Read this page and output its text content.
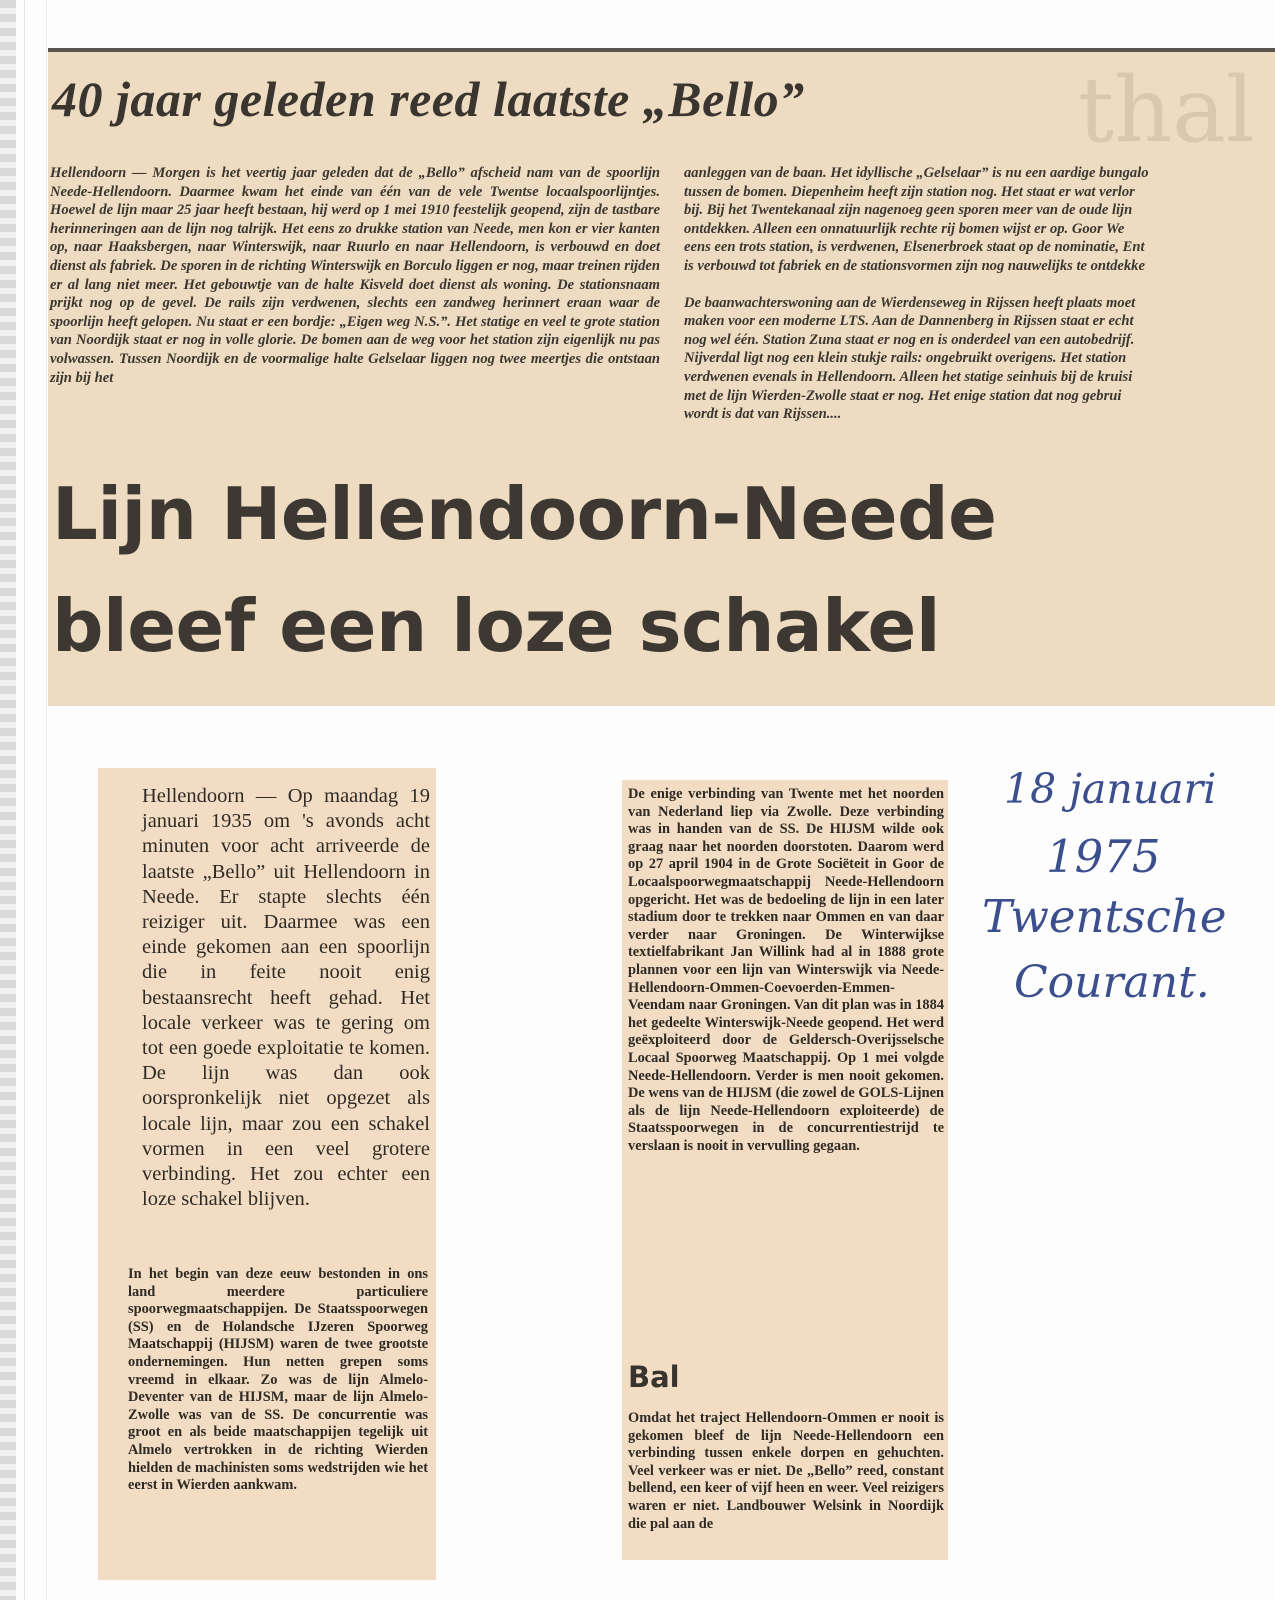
thal
40 jaar geleden reed laatste „Bello”

Hellendoorn — Morgen is het veertig jaar geleden dat de „Bello” afscheid nam van de spoorlijn Neede-Hellendoorn. Daarmee kwam het einde van één van de vele Twentse locaalspoorlijntjes. Hoewel de lijn maar 25 jaar heeft bestaan, hij werd op 1 mei 1910 feestelijk geopend, zijn de tastbare herinneringen aan de lijn nog talrijk. Het eens zo drukke station van Neede, men kon er vier kanten op, naar Haaksbergen, naar Winterswijk, naar Ruurlo en naar Hellendoorn, is verbouwd en doet dienst als fabriek. De sporen in de richting Winterswijk en Borculo liggen er nog, maar treinen rijden er al lang niet meer. Het gebouwtje van de halte Kisveld doet dienst als woning. De stationsnaam prijkt nog op de gevel. De rails zijn verdwenen, slechts een zandweg herinnert eraan waar de spoorlijn heeft gelopen. Nu staat er een bordje: „Eigen weg N.S.”. Het statige en veel te grote station van Noordijk staat er nog in volle glorie. De bomen aan de weg voor het station zijn eigenlijk nu pas volwassen. Tussen Noordijk en de voormalige halte Gelselaar liggen nog twee meertjes die ontstaan zijn bij het

aanleggen van de baan. Het idyllische „Gelselaar” is nu een aardige bungalo
tussen de bomen. Diepenheim heeft zijn station nog. Het staat er wat verlor
bij. Bij het Twentekanaal zijn nagenoeg geen sporen meer van de oude lijn
ontdekken. Alleen een onnatuurlijk rechte rij bomen wijst er op. Goor We
eens een trots station, is verdwenen, Elsenerbroek staat op de nominatie, Ent
is verbouwd tot fabriek en de stationsvormen zijn nog nauwelijks te ontdekke
De baanwachterswoning aan de Wierdenseweg in Rijssen heeft plaats moet
maken voor een moderne LTS. Aan de Dannenberg in Rijssen staat er echt
nog wel één. Station Zuna staat er nog en is onderdeel van een autobedrijf.
Nijverdal ligt nog een klein stukje rails: ongebruikt overigens. Het station
verdwenen evenals in Hellendoorn. Alleen het statige seinhuis bij de kruisi
met de lijn Wierden-Zwolle staat er nog. Het enige station dat nog gebrui
wordt is dat van Rijssen....
Lijn Hellendoorn-Neede
bleef een loze schakel
Hellendoorn — Op maandag 19 januari 1935 om 's avonds acht minuten voor acht arriveerde de laatste „Bello” uit Hellendoorn in Neede. Er stapte slechts één reiziger uit. Daarmee was een einde gekomen aan een spoorlijn die in feite nooit enig bestaansrecht heeft gehad. Het locale verkeer was te gering om tot een goede exploitatie te komen. De lijn was dan ook oorspronkelijk niet opgezet als locale lijn, maar zou een schakel vormen in een veel grotere verbinding. Het zou echter een loze schakel blijven.
In het begin van deze eeuw bestonden in ons land meerdere particuliere spoorwegmaatschappijen. De Staatsspoorwegen (SS) en de Holandsche IJzeren Spoorweg Maatschappij (HIJSM) waren de twee grootste ondernemingen. Hun netten grepen soms vreemd in elkaar. Zo was de lijn Almelo-Deventer van de HIJSM, maar de lijn Almelo-Zwolle was van de SS. De concurrentie was groot en als beide maatschappijen tegelijk uit Almelo vertrokken in de richting Wierden hielden de machinisten soms wedstrijden wie het eerst in Wierden aankwam.
De enige verbinding van Twente met het noorden van Nederland liep via Zwolle. Deze verbinding was in handen van de SS. De HIJSM wilde ook graag naar het noorden doorstoten. Daarom werd op 27 april 1904 in de Grote Sociëteit in Goor de Locaalspoorwegmaatschappij Neede-Hellendoorn opgericht. Het was de bedoeling de lijn in een later stadium door te trekken naar Ommen en van daar verder naar Groningen. De Winterwijkse textielfabrikant Jan Willink had al in 1888 grote plannen voor een lijn van Winterswijk via Neede-Hellendoorn-Ommen-Coevoerden-Emmen-Veendam naar Groningen. Van dit plan was in 1884 het gedeelte Winterswijk-Neede geopend. Het werd geëxploiteerd door de Geldersch-Overijsselsche Locaal Spoorweg Maatschappij. Op 1 mei volgde Neede-Hellendoorn. Verder is men nooit gekomen. De wens van de HIJSM (die zowel de GOLS-Lijnen als de lijn Neede-Hellendoorn exploiteerde) de Staatsspoorwegen in de concurrentiestrijd te verslaan is nooit in vervulling gegaan.
Bal
Omdat het traject Hellendoorn-Ommen er nooit is gekomen bleef de lijn Neede-Hellendoorn een verbinding tussen enkele dorpen en gehuchten. Veel verkeer was er niet. De „Bello” reed, constant bellend, een keer of vijf heen en weer. Veel reizigers waren er niet. Landbouwer Welsink in Noordijk die pal aan de
18 januari
1975
Twentsche
Courant.
